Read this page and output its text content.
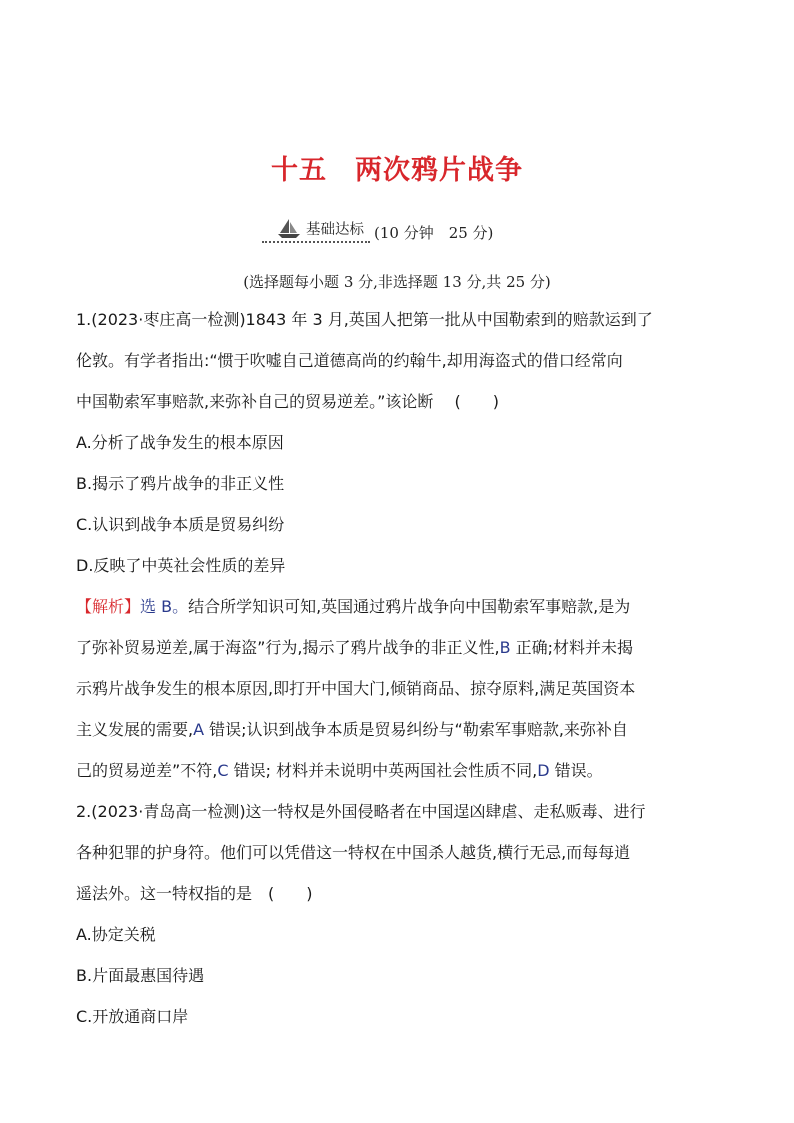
十五　两次鸦片战争
基础达标 (10 分钟　25 分)
(选择题每小题 3 分,非选择题 13 分,共 25 分)
1.(2023·枣庄高一检测)1843 年 3 月,英国人把第一批从中国勒索到的赔款运到了
伦敦。有学者指出:“惯于吹嘘自己道德高尚的约翰牛,却用海盗式的借口经常向
中国勒索军事赔款,来弥补自己的贸易逆差。”该论断　 (　　)
A.分析了战争发生的根本原因
B.揭示了鸦片战争的非正义性
C.认识到战争本质是贸易纠纷
D.反映了中英社会性质的差异
【解析】选 B。结合所学知识可知,英国通过鸦片战争向中国勒索军事赔款,是为
了弥补贸易逆差,属于海盗”行为,揭示了鸦片战争的非正义性,B 正确;材料并未揭
示鸦片战争发生的根本原因,即打开中国大门,倾销商品、掠夺原料,满足英国资本
主义发展的需要,A 错误;认识到战争本质是贸易纠纷与“勒索军事赔款,来弥补自
己的贸易逆差”不符,C 错误; 材料并未说明中英两国社会性质不同,D 错误。
2.(2023·青岛高一检测)这一特权是外国侵略者在中国逞凶肆虐、走私贩毒、进行
各种犯罪的护身符。他们可以凭借这一特权在中国杀人越货,横行无忌,而每每逍
遥法外。这一特权指的是　(　　)
A.协定关税
B.片面最惠国待遇
C.开放通商口岸
